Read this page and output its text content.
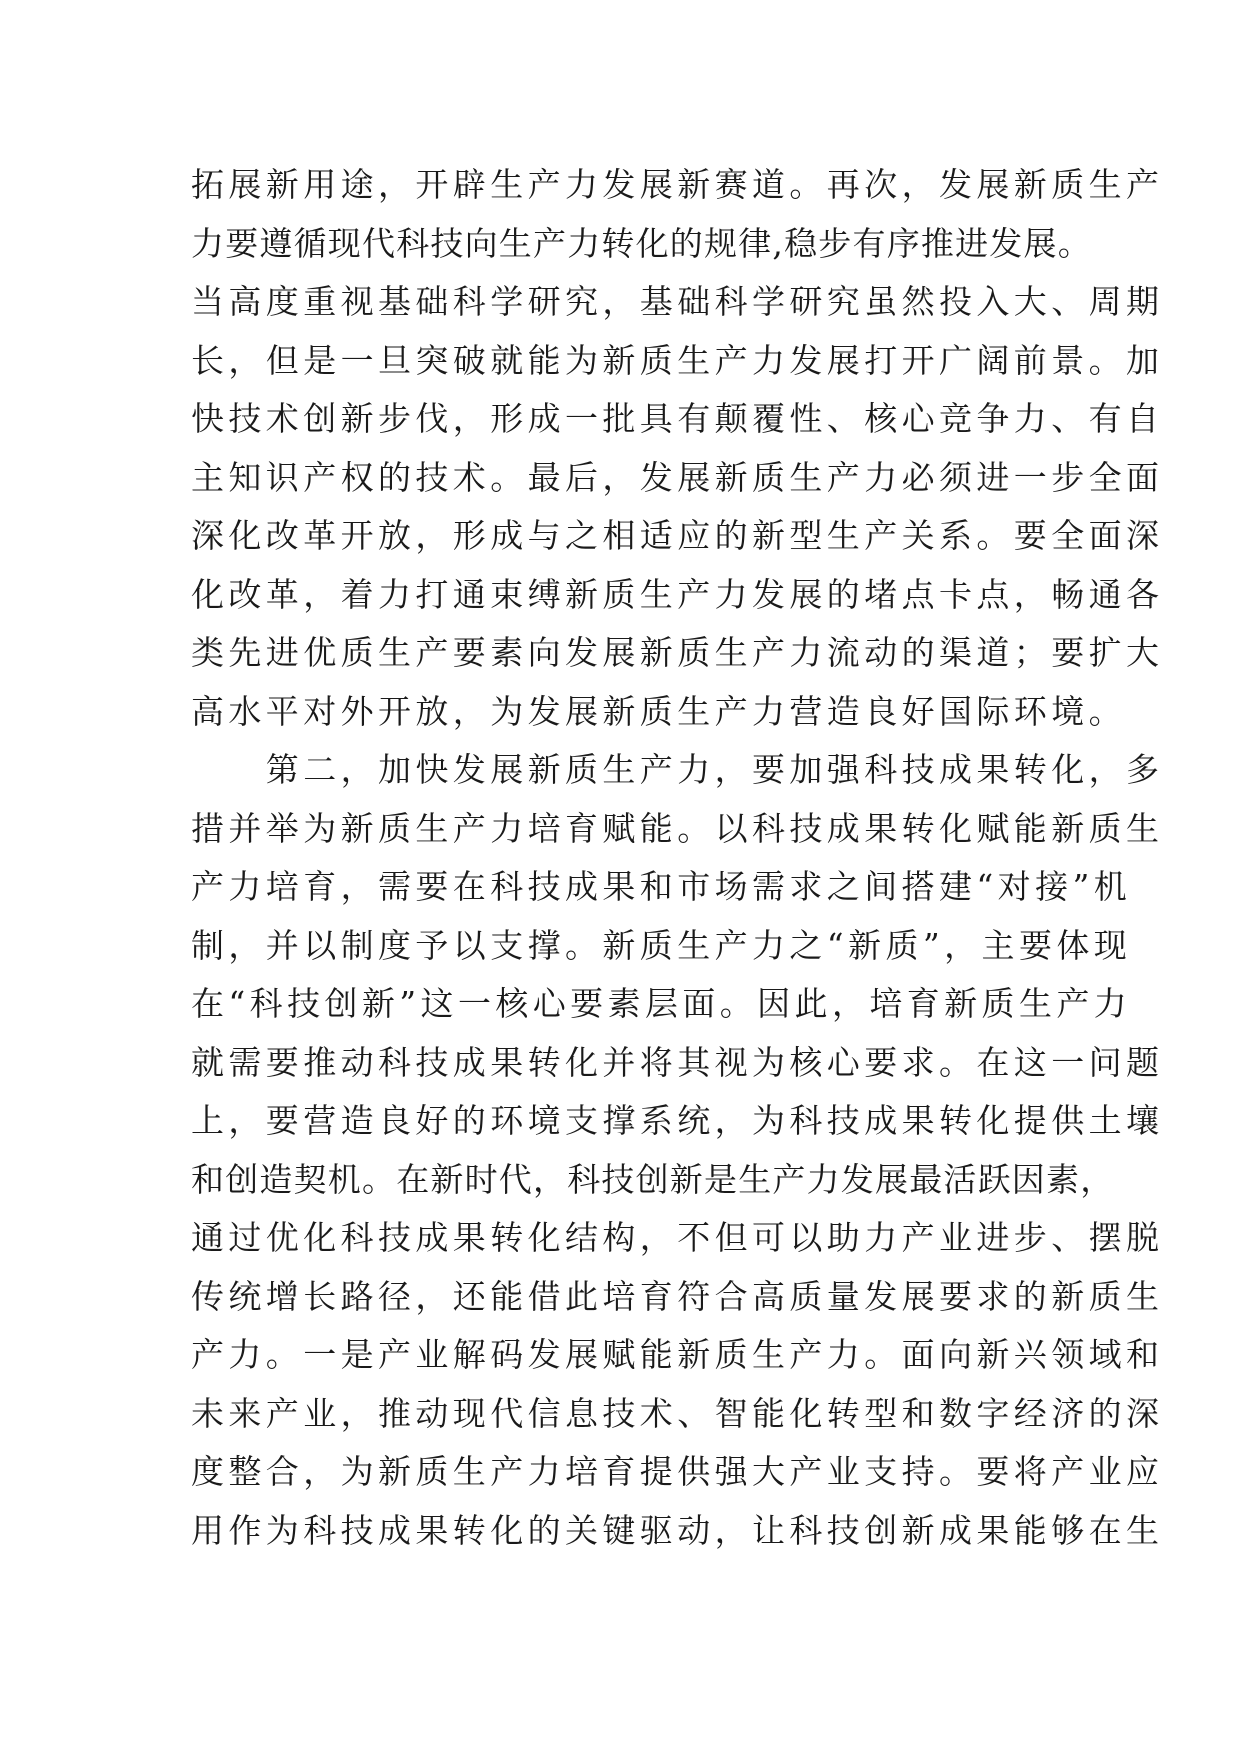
拓展新用途，开辟生产力发展新赛道。再次，发展新质生产
力要遵循现代科技向生产力转化的规律,稳步有序推进发展。
当高度重视基础科学研究，基础科学研究虽然投入大、周期
长，但是一旦突破就能为新质生产力发展打开广阔前景。加
快技术创新步伐，形成一批具有颠覆性、核心竞争力、有自
主知识产权的技术。最后，发展新质生产力必须进一步全面
深化改革开放，形成与之相适应的新型生产关系。要全面深
化改革，着力打通束缚新质生产力发展的堵点卡点，畅通各
类先进优质生产要素向发展新质生产力流动的渠道；要扩大
高水平对外开放，为发展新质生产力营造良好国际环境。
　　第二，加快发展新质生产力，要加强科技成果转化，多
措并举为新质生产力培育赋能。以科技成果转化赋能新质生
产力培育，需要在科技成果和市场需求之间搭建“对接”机
制，并以制度予以支撑。新质生产力之“新质”，主要体现
在“科技创新”这一核心要素层面。因此，培育新质生产力
就需要推动科技成果转化并将其视为核心要求。在这一问题
上，要营造良好的环境支撑系统，为科技成果转化提供土壤
和创造契机。在新时代，科技创新是生产力发展最活跃因素，
通过优化科技成果转化结构，不但可以助力产业进步、摆脱
传统增长路径，还能借此培育符合高质量发展要求的新质生
产力。一是产业解码发展赋能新质生产力。面向新兴领域和
未来产业，推动现代信息技术、智能化转型和数字经济的深
度整合，为新质生产力培育提供强大产业支持。要将产业应
用作为科技成果转化的关键驱动，让科技创新成果能够在生
